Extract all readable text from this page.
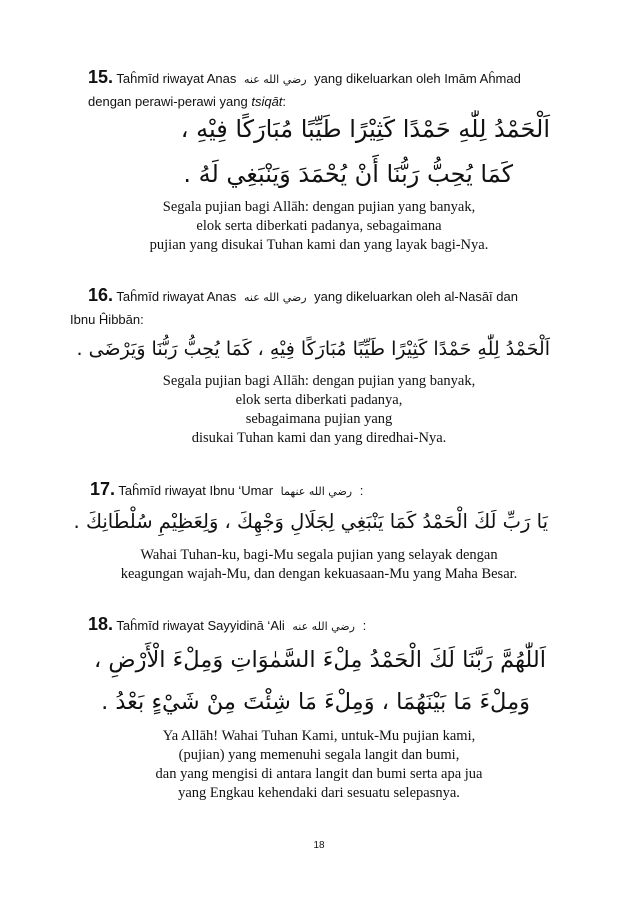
15. Taĥmīd riwayat Anas رضي الله عنه yang dikeluarkan oleh Imām Aĥmad
dengan perawi-perawi yang tsiqāt:
اَلْحَمْدُ لِلّٰهِ حَمْدًا كَثِيْرًا طَيِّبًا مُبَارَكًا فِيْهِ ،
كَمَا يُحِبُّ رَبُّنَا أَنْ يُحْمَدَ وَيَنْبَغِي لَهُ .
Segala pujian bagi Allāh: dengan pujian yang banyak,
elok serta diberkati padanya, sebagaimana
pujian yang disukai Tuhan kami dan yang layak bagi-Nya.
16. Taĥmīd riwayat Anas رضي الله عنه yang dikeluarkan oleh al-Nasāī dan
Ibnu Ĥibbān:
اَلْحَمْدُ لِلّٰهِ حَمْدًا كَثِيْرًا طَيِّبًا مُبَارَكًا فِيْهِ ، كَمَا يُحِبُّ رَبُّنَا وَيَرْضَى .
Segala pujian bagi Allāh: dengan pujian yang banyak,
elok serta diberkati padanya,
sebagaimana pujian yang
disukai Tuhan kami dan yang diredhai-Nya.
17. Taĥmīd riwayat Ibnu ‘Umar رضي الله عنهما :
يَا رَبِّ لَكَ الْحَمْدُ كَمَا يَنْبَغِي لِجَلَالِ وَجْهِكَ ، وَلِعَظِيْمِ سُلْطَانِكَ .
Wahai Tuhan-ku, bagi-Mu segala pujian yang selayak dengan
keagungan wajah-Mu, dan dengan kekuasaan-Mu yang Maha Besar.
18. Taĥmīd riwayat Sayyidinā ‘Ali رضي الله عنه :
اَللّٰهُمَّ رَبَّنَا لَكَ الْحَمْدُ مِلْءَ السَّمٰوَاتِ وَمِلْءَ الْأَرْضِ ،
وَمِلْءَ مَا بَيْنَهُمَا ، وَمِلْءَ مَا شِئْتَ مِنْ شَيْءٍ بَعْدُ .
Ya Allāh! Wahai Tuhan Kami, untuk-Mu pujian kami,
(pujian) yang memenuhi segala langit dan bumi,
dan yang mengisi di antara langit dan bumi serta apa jua
yang Engkau kehendaki dari sesuatu selepasnya.
18
